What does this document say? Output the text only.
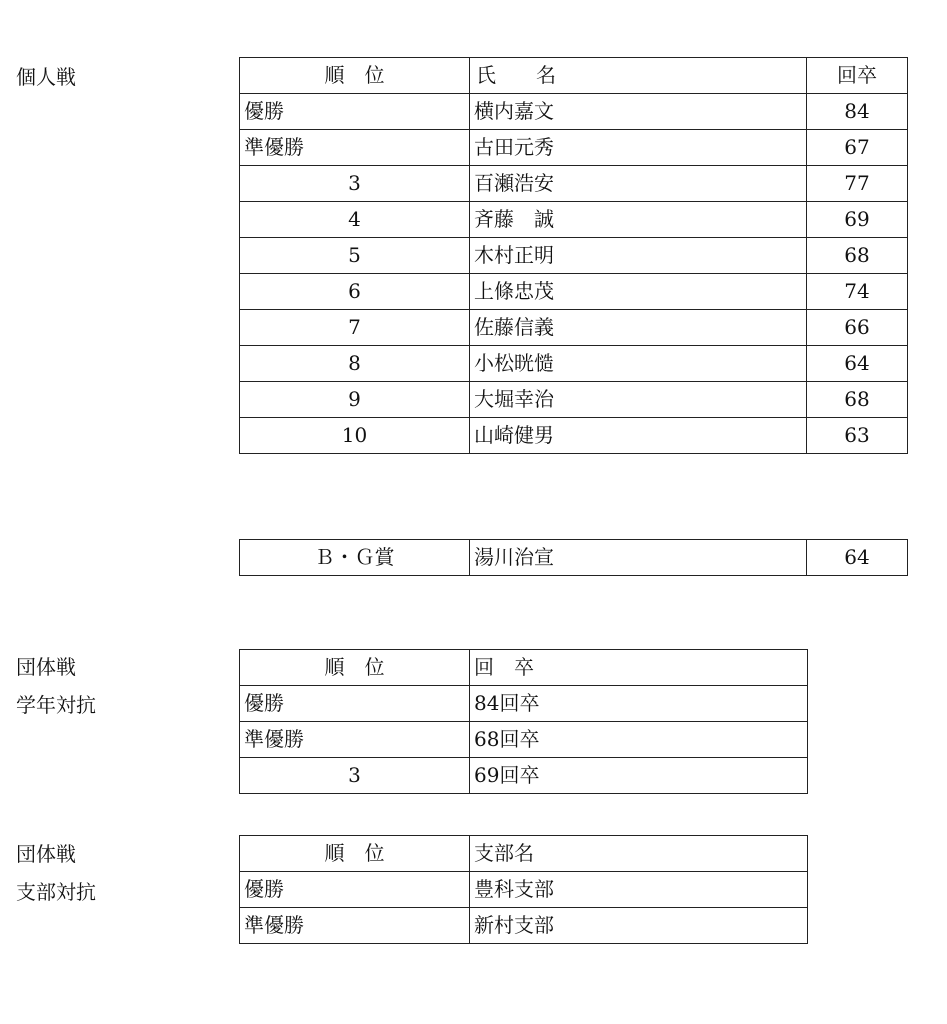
個人戦	順　位	氏　　名	回卒
優勝	横内嘉文	84
準優勝	古田元秀	67
3	百瀬浩安	77
4	斉藤　誠	69
5	木村正明	68
6	上條忠茂	74
7	佐藤信義	66
8	小松晄慥	64
9	大堀幸治	68
10	山崎健男	63
Ｂ・Ｇ賞	湯川治宣	64
団体戦
学年対抗
順　位	回　卒
優勝	84回卒
準優勝	68回卒
3	69回卒
団体戦
支部対抗
順　位	支部名
優勝	豊科支部
準優勝	新村支部
